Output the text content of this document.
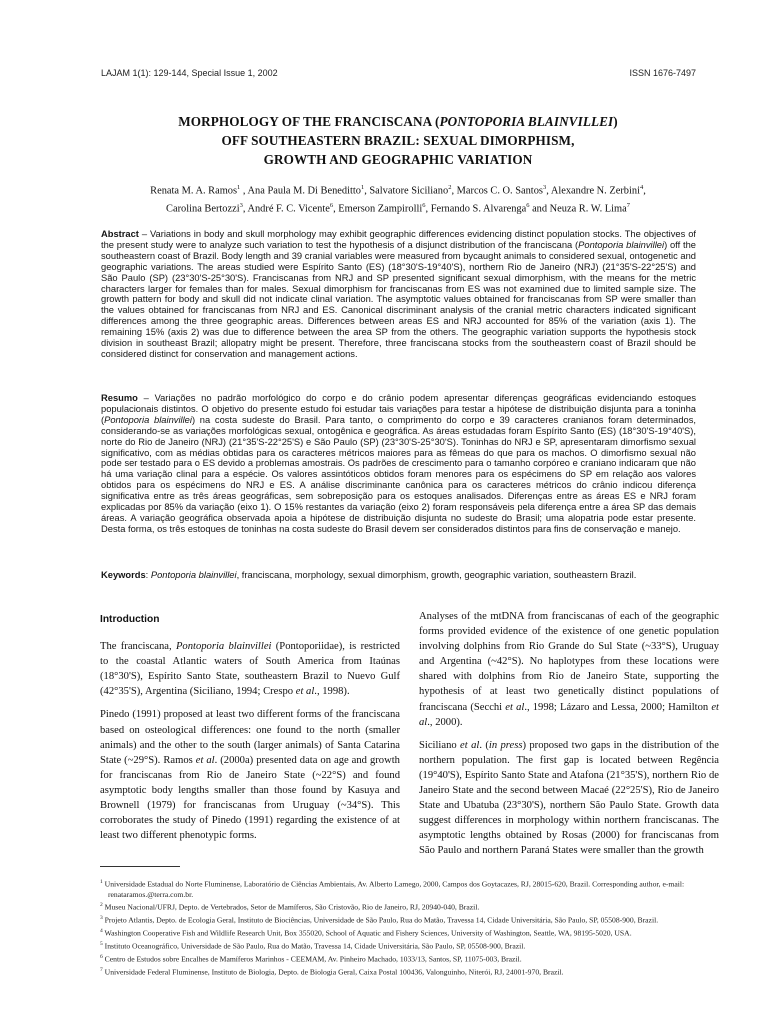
LAJAM 1(1): 129-144, Special Issue 1, 2002	ISSN 1676-7497
MORPHOLOGY OF THE FRANCISCANA (PONTOPORIA BLAINVILLEI)
OFF SOUTHEASTERN BRAZIL: SEXUAL DIMORPHISM,
GROWTH AND GEOGRAPHIC VARIATION
Renata M. A. Ramos$^1$ , Ana Paula M. Di Beneditto$^1$, Salvatore Siciliano$^2$, Marcos C. O. Santos$^3$, Alexandre N. Zerbini$^4$,
Carolina Bertozzi$^3$, André F. C. Vicente$^6$, Emerson Zampirolli$^6$, Fernando S. Alvarenga$^6$ and Neuza R. W. Lima$^7$
Abstract – Variations in body and skull morphology may exhibit geographic differences evidencing distinct population stocks. The objectives of the present study were to analyze such variation to test the hypothesis of a disjunct distribution of the franciscana (Pontoporia blainvillei) off the southeastern coast of Brazil. Body length and 39 cranial variables were measured from bycaught animals to considered sexual, ontogenetic and geographic variations. The areas studied were Espírito Santo (ES) (18°30'S-19°40'S), northern Rio de Janeiro (NRJ) (21°35'S-22°25'S) and São Paulo (SP) (23°30'S-25°30'S). Franciscanas from NRJ and SP presented significant sexual dimorphism, with the means for the metric characters larger for females than for males. Sexual dimorphism for franciscanas from ES was not examined due to limited sample size. The growth pattern for body and skull did not indicate clinal variation. The asymptotic values obtained for franciscanas from SP were smaller than the values obtained for franciscanas from NRJ and ES. Canonical discriminant analysis of the cranial metric characters indicated significant differences among the three geographic areas. Differences between areas ES and NRJ accounted for 85% of the variation (axis 1). The remaining 15% (axis 2) was due to difference between the area SP from the others. The geographic variation supports the hypothesis stock division in southeast Brazil; allopatry might be present. Therefore, three franciscana stocks from the southeastern coast of Brazil should be considered distinct for conservation and management actions.
Resumo – Variações no padrão morfológico do corpo e do crânio podem apresentar diferenças geográficas evidenciando estoques populacionais distintos. O objetivo do presente estudo foi estudar tais variações para testar a hipótese de distribuição disjunta para a toninha (Pontoporia blainvillei) na costa sudeste do Brasil. Para tanto, o comprimento do corpo e 39 caracteres cranianos foram determinados, considerando-se as variações morfológicas sexual, ontogênica e geográfica. As áreas estudadas foram Espírito Santo (ES) (18°30'S-19°40'S), norte do Rio de Janeiro (NRJ) (21°35'S-22°25'S) e São Paulo (SP) (23°30'S-25°30'S). Toninhas do NRJ e SP, apresentaram dimorfismo sexual significativo, com as médias obtidas para os caracteres métricos maiores para as fêmeas do que para os machos. O dimorfismo sexual não pode ser testado para o ES devido a problemas amostrais. Os padrões de crescimento para o tamanho corpóreo e craniano indicaram que não há uma variação clinal para a espécie. Os valores assintóticos obtidos foram menores para os espécimens do SP em relação aos valores obtidos para os espécimens do NRJ e ES. A análise discriminante canônica para os caracteres métricos do crânio indicou diferença significativa entre as três áreas geográficas, sem sobreposição para os estoques analisados. Diferenças entre as áreas ES e NRJ foram explicadas por 85% da variação (eixo 1). O 15% restantes da variação (eixo 2) foram responsáveis pela diferença entre a área SP das demais áreas. A variação geográfica observada apoia a hipótese de distribuição disjunta no sudeste do Brasil; uma alopatria pode estar presente. Desta forma, os três estoques de toninhas na costa sudeste do Brasil devem ser considerados distintos para fins de conservação e manejo.
Keywords: Pontoporia blainvillei, franciscana, morphology, sexual dimorphism, growth, geographic variation, southeastern Brazil.

Introduction

The franciscana, Pontoporia blainvillei (Pontoporiidae), is restricted to the coastal Atlantic waters of South America from Itaúnas (18°30'S), Espírito Santo State, southeastern Brazil to Nuevo Gulf (42°35'S), Argentina (Siciliano, 1994; Crespo et al., 1998).

Pinedo (1991) proposed at least two different forms of the franciscana based on osteological differences: one found to the north (smaller animals) and the other to the south (larger animals) of Santa Catarina State (~29°S). Ramos et al. (2000a) presented data on age and growth for franciscanas from Rio de Janeiro State (~22°S) and found asymptotic body lengths smaller than those found by Kasuya and Brownell (1979) for franciscanas from Uruguay (~34°S). This corroborates the study of Pinedo (1991) regarding the existence of at least two different phenotypic forms.

Analyses of the mtDNA from franciscanas of each of the geographic forms provided evidence of the existence of one genetic population involving dolphins from Rio Grande do Sul State (~33°S), Uruguay and Argentina (~42°S). No haplotypes from these locations were shared with dolphins from Rio de Janeiro State, supporting the hypothesis of at least two genetically distinct populations of franciscana (Secchi et al., 1998; Lázaro and Lessa, 2000; Hamilton et al., 2000).

Siciliano et al. (in press) proposed two gaps in the distribution of the northern population. The first gap is located between Regência (19°40'S), Espírito Santo State and Atafona (21°35'S), northern Rio de Janeiro State and the second between Macaé (22°25'S), Rio de Janeiro State and Ubatuba (23°30'S), northern São Paulo State. Growth data suggest differences in morphology within northern franciscanas. The asymptotic lengths obtained by Rosas (2000) for franciscanas from São Paulo and northern Paraná States were smaller than the growth

$^1$ Universidade Estadual do Norte Fluminense, Laboratório de Ciências Ambientais, Av. Alberto Lamego, 2000, Campos dos Goytacazes, RJ, 28015-620, Brazil. Corresponding author, e-mail: renataramos.@terra.com.br.

$^2$ Museu Nacional/UFRJ, Depto. de Vertebrados, Setor de Mamíferos, São Cristovão, Rio de Janeiro, RJ, 20940-040, Brazil.

$^3$ Projeto Atlantis, Depto. de Ecologia Geral, Instituto de Biociências, Universidade de São Paulo, Rua do Matão, Travessa 14, Cidade Universitária, São Paulo, SP, 05508-900, Brazil.

$^4$ Washington Cooperative Fish and Wildlife Research Unit, Box 355020, School of Aquatic and Fishery Sciences, University of Washington, Seattle, WA, 98195-5020, USA.

$^5$ Instituto Oceanográfico, Universidade de São Paulo, Rua do Matão, Travessa 14, Cidade Universitária, São Paulo, SP, 05508-900, Brazil.

$^6$ Centro de Estudos sobre Encalhes de Mamíferos Marinhos - CEEMAM, Av. Pinheiro Machado, 1033/13, Santos, SP, 11075-003, Brazil.

$^7$ Universidade Federal Fluminense, Instituto de Biologia, Depto. de Biologia Geral, Caixa Postal 100436, Valonguinho, Niterói, RJ, 24001-970, Brazil.
